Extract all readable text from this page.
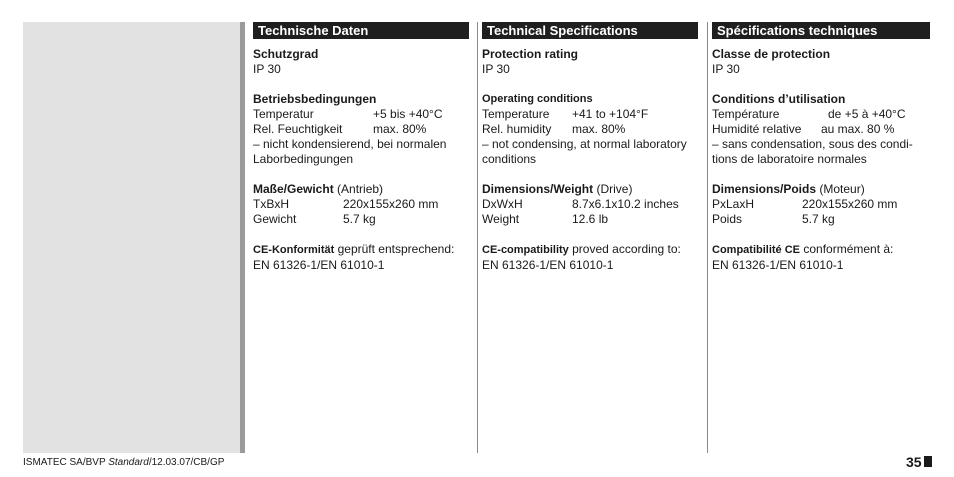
Technische Daten
Schutzgrad
IP 30
Betriebsbedingungen
Temperatur	+5 bis +40°C
Rel. Feuchtigkeit	max. 80%
– nicht kondensierend, bei normalen
Laborbedingungen
Maße/Gewicht (Antrieb)
TxBxH	220x155x260 mm
Gewicht	5.7 kg
CE-Konformität geprüft entsprechend:
EN 61326-1/EN 61010-1
Technical Specifications
Protection rating
IP 30
Operating conditions
Temperature	+41 to +104°F
Rel. humidity	max. 80%
– not condensing, at normal laboratory
conditions
Dimensions/Weight (Drive)
DxWxH	8.7x6.1x10.2 inches
Weight	12.6 lb
CE-compatibility proved according to:
EN 61326-1/EN 61010-1
Spécifications techniques
Classe de protection
IP 30
Conditions d’utilisation
Température	de +5 à +40°C
Humidité relative	au max. 80 %
– sans condensation, sous des condi-
tions de laboratoire normales
Dimensions/Poids (Moteur)
PxLaxH	220x155x260 mm
Poids	5.7 kg
Compatibilité CE conformément à:
EN 61326-1/EN 61010-1
ISMATEC SA/BVP Standard/12.03.07/CB/GP	35
